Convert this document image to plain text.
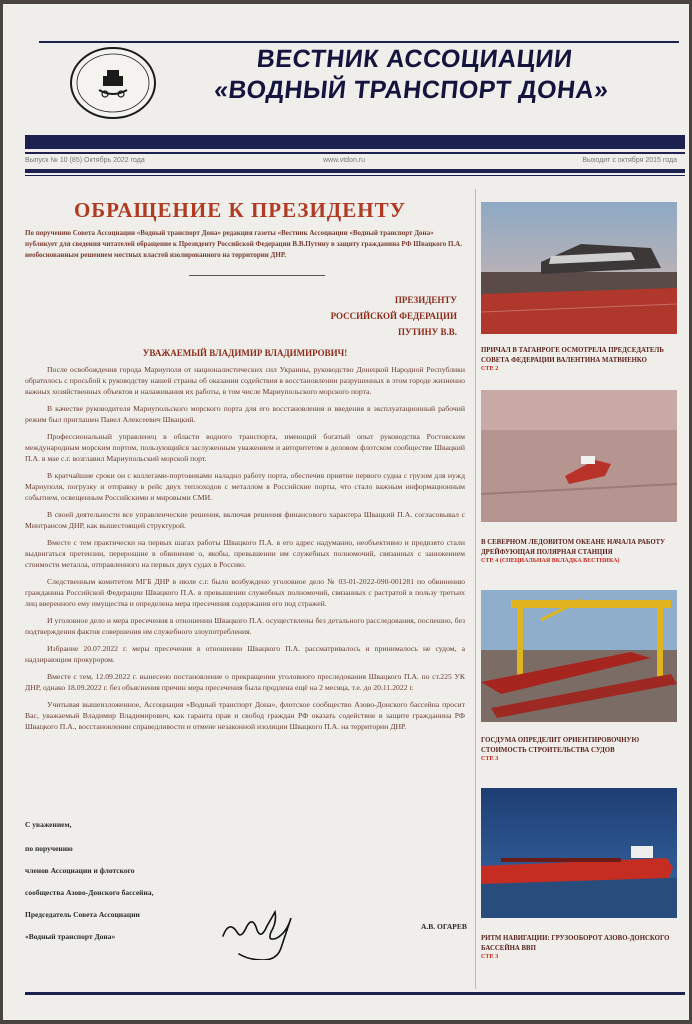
ВЕСТНИК АССОЦИАЦИИ
«ВОДНЫЙ ТРАНСПОРТ ДОНА»
Выпуск № 10 (85) Октябрь 2022 года	www.vtdon.ru	Выходит с октября 2015 года
ОБРАЩЕНИЕ К ПРЕЗИДЕНТУ
По поручению Совета Ассоциации «Водный транспорт Дона» редакция газеты «Вестник Ассоциации «Водный транспорт Дона» публикует для сведения читателей обращение к Президенту Российской Федерации В.В.Путину в защиту гражданина РФ Швацкого П.А. необоснованным решением местных властей изолированного на территории ДНР.
ПРЕЗИДЕНТУ
РОССИЙСКОЙ ФЕДЕРАЦИИ
ПУТИНУ В.В.
УВАЖАЕМЫЙ ВЛАДИМИР ВЛАДИМИРОВИЧ!

После освобождения города Мариуполя от националистических сил Украины, руководство Донецкой Народной Республики обратилось с просьбой к руководству нашей страны об оказании содействия в восстановлении разрушенных в этом городе жизненно важных хозяйственных объектов и налаживания их работы, в том числе Мариупольского морского порта.

В качестве руководителя Мариупольского морского порта для его восстановления и введения в эксплуатационный рабочий режим был приглашен Павел Алексеевич Швацкий.

Профессиональный управленец в области водного транспорта, имеющий богатый опыт руководства Ростовским международным морским портом, пользующийся заслуженным уважением и авторитетом в деловом флотском сообществе Швацкий П.А. в мае с.г. возглавил Мариупольский морской порт.

В кратчайшие сроки он с коллегами-портовиками наладил работу порта, обеспечив приятие первого судна с грузом для нужд Мариуполя, погрузку и отправку в рейс двух теплоходов с металлом в Российские порты, что стало важным информационным событием, освещенным Российскими и мировыми СМИ.

В своей деятельности все управленческие решения, включая решения финансового характера Швацкий П.А. согласовывал с Минтрансом ДНР, как вышестоящей структурой.

Вместе с тем практически на первых шагах работы Швацкого П.А. в его адрес надуманно, необъективно и предвзято стали выдвигаться претензии, перерosшие в обвинение о, якобы, превышении им служебных полномочий, связанных с занижением стоимости металла, отправленного на первых двух судах в Россию.

Следственным комитетом МГБ ДНР в июле с.г. было возбуждено уголовное дело № 03-01-2022-090-001281 по обвинению гражданина Российской Федерации Швацкого П.А. в превышении служебных полномочий, связанных с растратой в пользу третьих лиц вверенного ему имущества и определена мера пресечения содержания его под стражей.

И уголовное дело и мера пресечения в отношении Швацкого П.А. осуществлены без детального расследования, поспешно, без подтверждения фактов совершения им служебного злоупотребления.

Избрание 20.07.2022 г. меры пресечения в отношении Швацкого П.А. рассматривалось и принималось не судом, а надзирающим прокурором.

Вместе с тем, 12.09.2022 г. вынесено постановление о прекращении уголовного преследования Швацкого П.А. по ст.225 УК ДНР, однако 18.09.2022 г. без объяснения причин мера пресечения была продлена ещё на 2 месяца, т.е. до 20.11.2022 г.

Учитывая вышеизложенное, Ассоциация «Водный транспорт Дона», флотское сообщество Азово-Донского бассейна просит Вас, уважаемый Владимир Владимирович, как гаранта прав и свобод граждан РФ оказать содействие в защите гражданина РФ Швацкого П.А., восстановлении справедливости и отмене незаконной изоляции Швацкого П.А. на территории ДНР.

С уважением,
по поручению
членов Ассоциации и флотского
сообщества Азово-Донского бассейна,
Председатель Совета Ассоциации
«Водный транспорт Дона»
А.В. ОГАРЕВ
ПРИЧАЛ В ТАГАНРОГЕ ОСМОТРЕЛА ПРЕДСЕДАТЕЛЬ СОВЕТА ФЕДЕРАЦИИ ВАЛЕНТИНА МАТВИЕНКО
СТР. 2
В СЕВЕРНОМ ЛЕДОВИТОМ ОКЕАНЕ НАЧАЛА РАБОТУ ДРЕЙФУЮЩАЯ ПОЛЯРНАЯ СТАНЦИЯ
СТР. 4 (СПЕЦИАЛЬНАЯ ВКЛАДКА ВЕСТНИКА)
ГОСДУМА ОПРЕДЕЛИТ ОРИЕНТИРОВОЧНУЮ СТОИМОСТЬ СТРОИТЕЛЬСТВА СУДОВ
СТР. 3
РИТМ НАВИГАЦИИ: ГРУЗООБОРОТ АЗОВО-ДОНСКОГО БАССЕЙНА ВВП
СТР. 3
